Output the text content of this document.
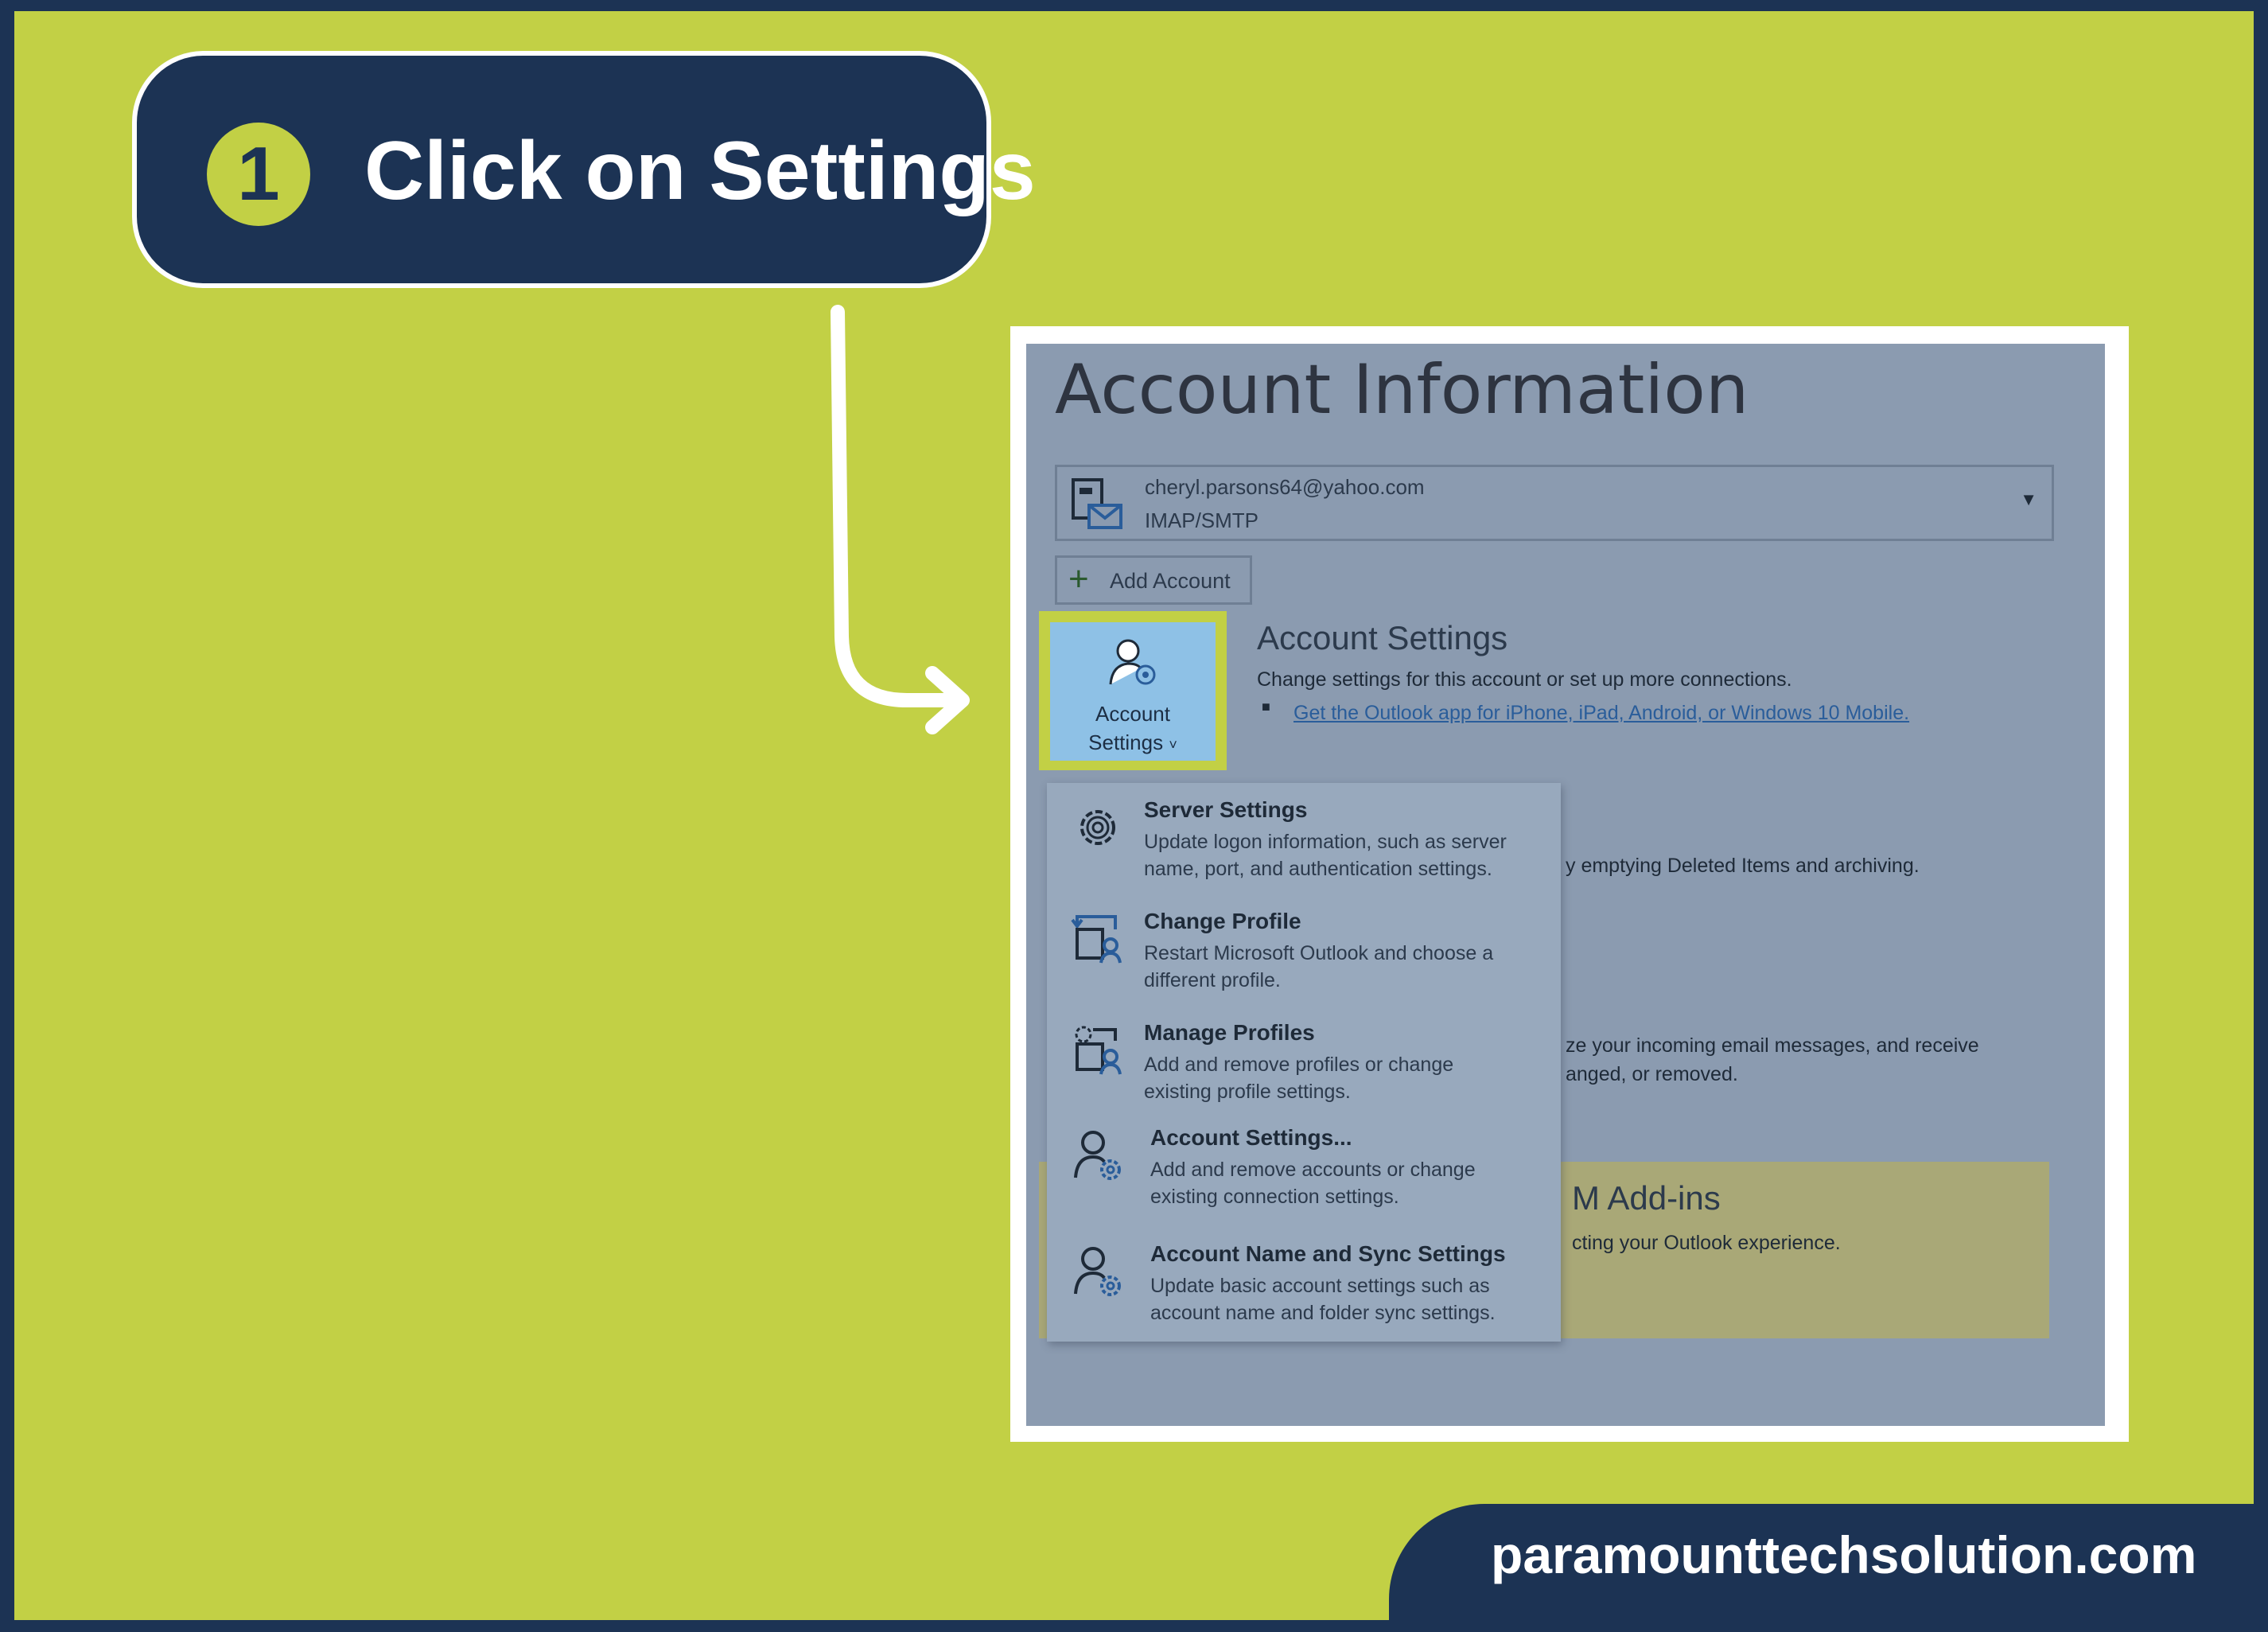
1	Click on Settings
Account Information
cheryl.parsons64@yahoo.com
IMAP/SMTP
▼
+ Add Account
Account
Settings ˅
Account Settings
Change settings for this account or set up more connections.
■ Get the Outlook app for iPhone, iPad, Android, or Windows 10 Mobile.
y emptying Deleted Items and archiving.
ze your incoming email messages, and receive
anged, or removed.
M Add-ins
cting your Outlook experience.
Server Settings
Update logon information, such as server
name, port, and authentication settings.
Change Profile
Restart Microsoft Outlook and choose a
different profile.
Manage Profiles
Add and remove profiles or change
existing profile settings.
Account Settings...
Add and remove accounts or change
existing connection settings.
Account Name and Sync Settings
Update basic account settings such as
account name and folder sync settings.
paramounttechsolution.com
